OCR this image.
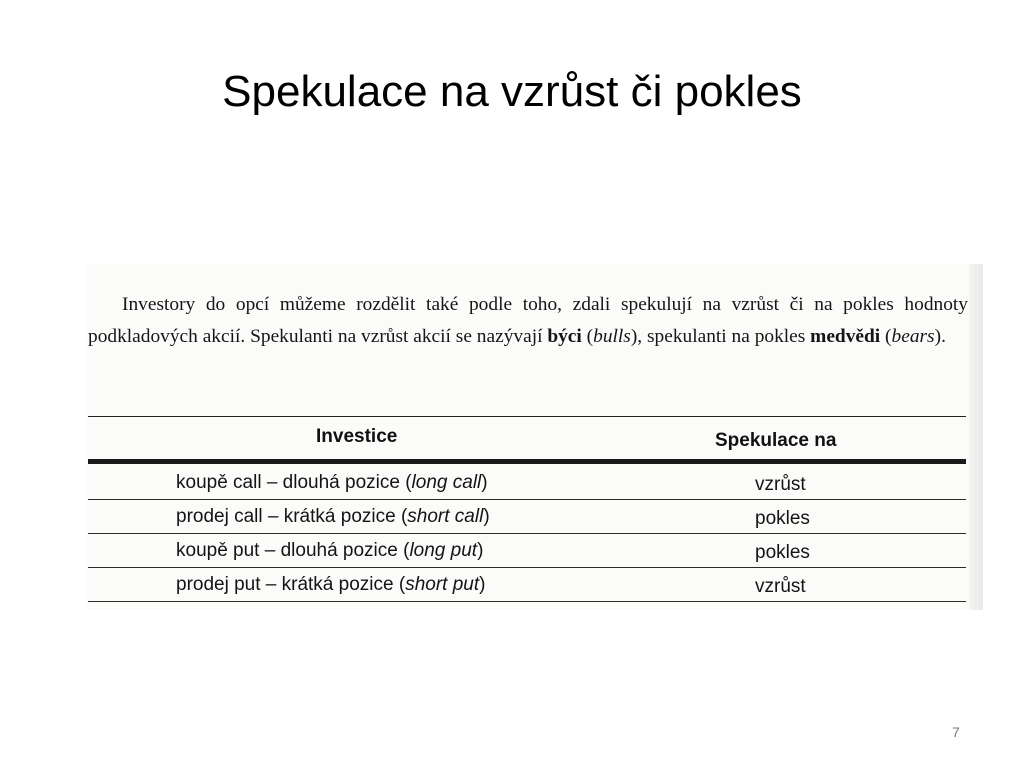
Spekulace na vzrůst či pokles

Investory do opcí můžeme rozdělit také podle toho, zdali spekulují na vzrůst či na pokles hodnoty podkladových akcií. Spekulanti na vzrůst akcií se nazývají býci (bulls), spekulanti na pokles medvědi (bears).

Investice	Spekulace na
koupě call – dlouhá pozice (long call)	vzrůst
prodej call – krátká pozice (short call)	pokles
koupě put – dlouhá pozice (long put)	pokles
prodej put – krátká pozice (short put)	vzrůst
7
